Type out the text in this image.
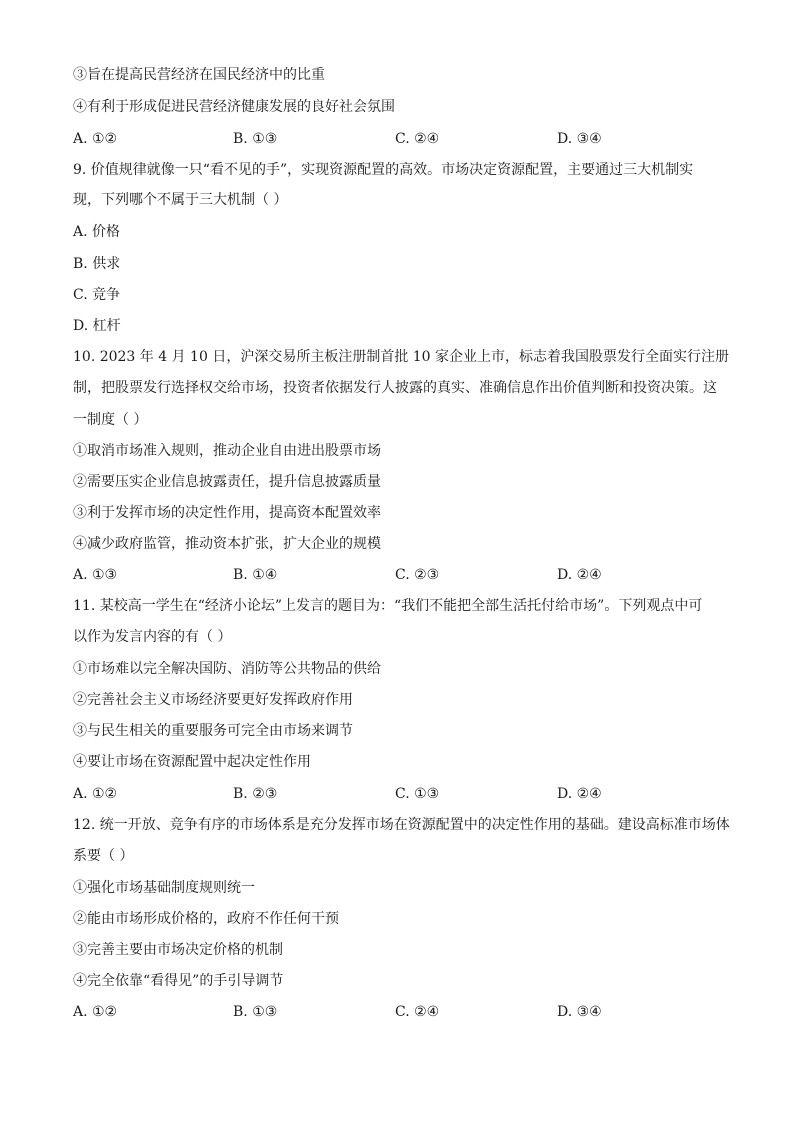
③旨在提高民营经济在国民经济中的比重
④有利于形成促进民营经济健康发展的良好社会氛围
A. ①②	B. ①③	C. ②④	D. ③④
9. 价值规律就像一只“看不见的手”，实现资源配置的高效。市场决定资源配置，主要通过三大机制实
现，下列哪个不属于三大机制（ ）
A. 价格
B. 供求
C. 竞争
D. 杠杆
10. 2023 年 4 月 10 日，沪深交易所主板注册制首批 10 家企业上市，标志着我国股票发行全面实行注册
制，把股票发行选择权交给市场，投资者依据发行人披露的真实、准确信息作出价值判断和投资决策。这
一制度（ ）
①取消市场准入规则，推动企业自由进出股票市场
②需要压实企业信息披露责任，提升信息披露质量
③利于发挥市场的决定性作用，提高资本配置效率
④减少政府监管，推动资本扩张，扩大企业的规模
A. ①③	B. ①④	C. ②③	D. ②④
11. 某校高一学生在“经济小论坛”上发言的题目为：“我们不能把全部生活托付给市场”。下列观点中可
以作为发言内容的有（ ）
①市场难以完全解决国防、消防等公共物品的供给
②完善社会主义市场经济要更好发挥政府作用
③与民生相关的重要服务可完全由市场来调节
④要让市场在资源配置中起决定性作用
A. ①②	B. ②③	C. ①③	D. ②④
12. 统一开放、竞争有序的市场体系是充分发挥市场在资源配置中的决定性作用的基础。建设高标准市场体
系要（ ）
①强化市场基础制度规则统一
②能由市场形成价格的，政府不作任何干预
③完善主要由市场决定价格的机制
④完全依靠“看得见”的手引导调节
A. ①②	B. ①③	C. ②④	D. ③④
